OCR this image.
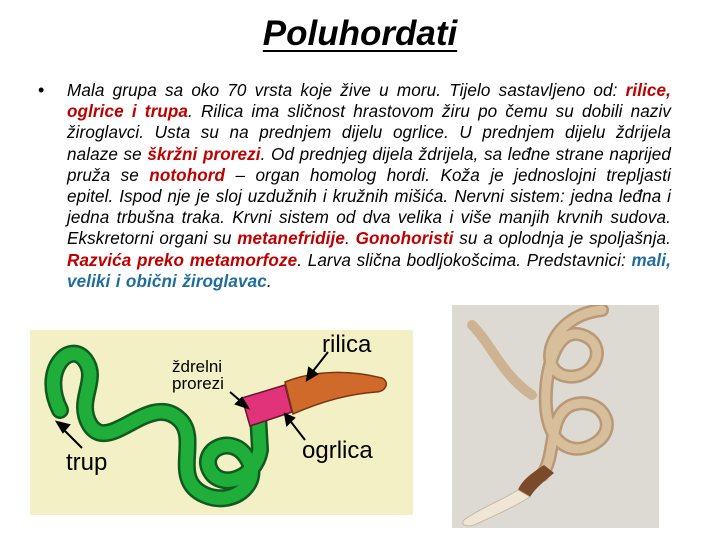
Poluhordati
• Mala grupa sa oko 70 vrsta koje žive u moru. Tijelo sastavljeno od: rilice, oglrice i trupa. Rilica ima sličnost hrastovom žiru po čemu su dobili naziv žiroglavci. Usta su na prednjem dijelu ogrlice. U prednjem dijelu ždrijela nalaze se škržni prorezi. Od prednjeg dijela ždrijela, sa leđne strane naprijed pruža se notohord – organ homolog hordi. Koža je jednoslojni trepljasti epitel. Ispod nje je sloj uzdužnih i kružnih mišića. Nervni sistem: jedna leđna i jedna trbušna traka. Krvni sistem od dva velika i više manjih krvnih sudova. Ekskretorni organi su metanefridije. Gonohoristi su a oplodnja je spoljašnja. Razvića preko metamorfoze. Larva slična bodljokošcima. Predstavnici: mali, veliki i obični žiroglavac.
rilica
ždrelni
prorezi
ogrlica
trup
